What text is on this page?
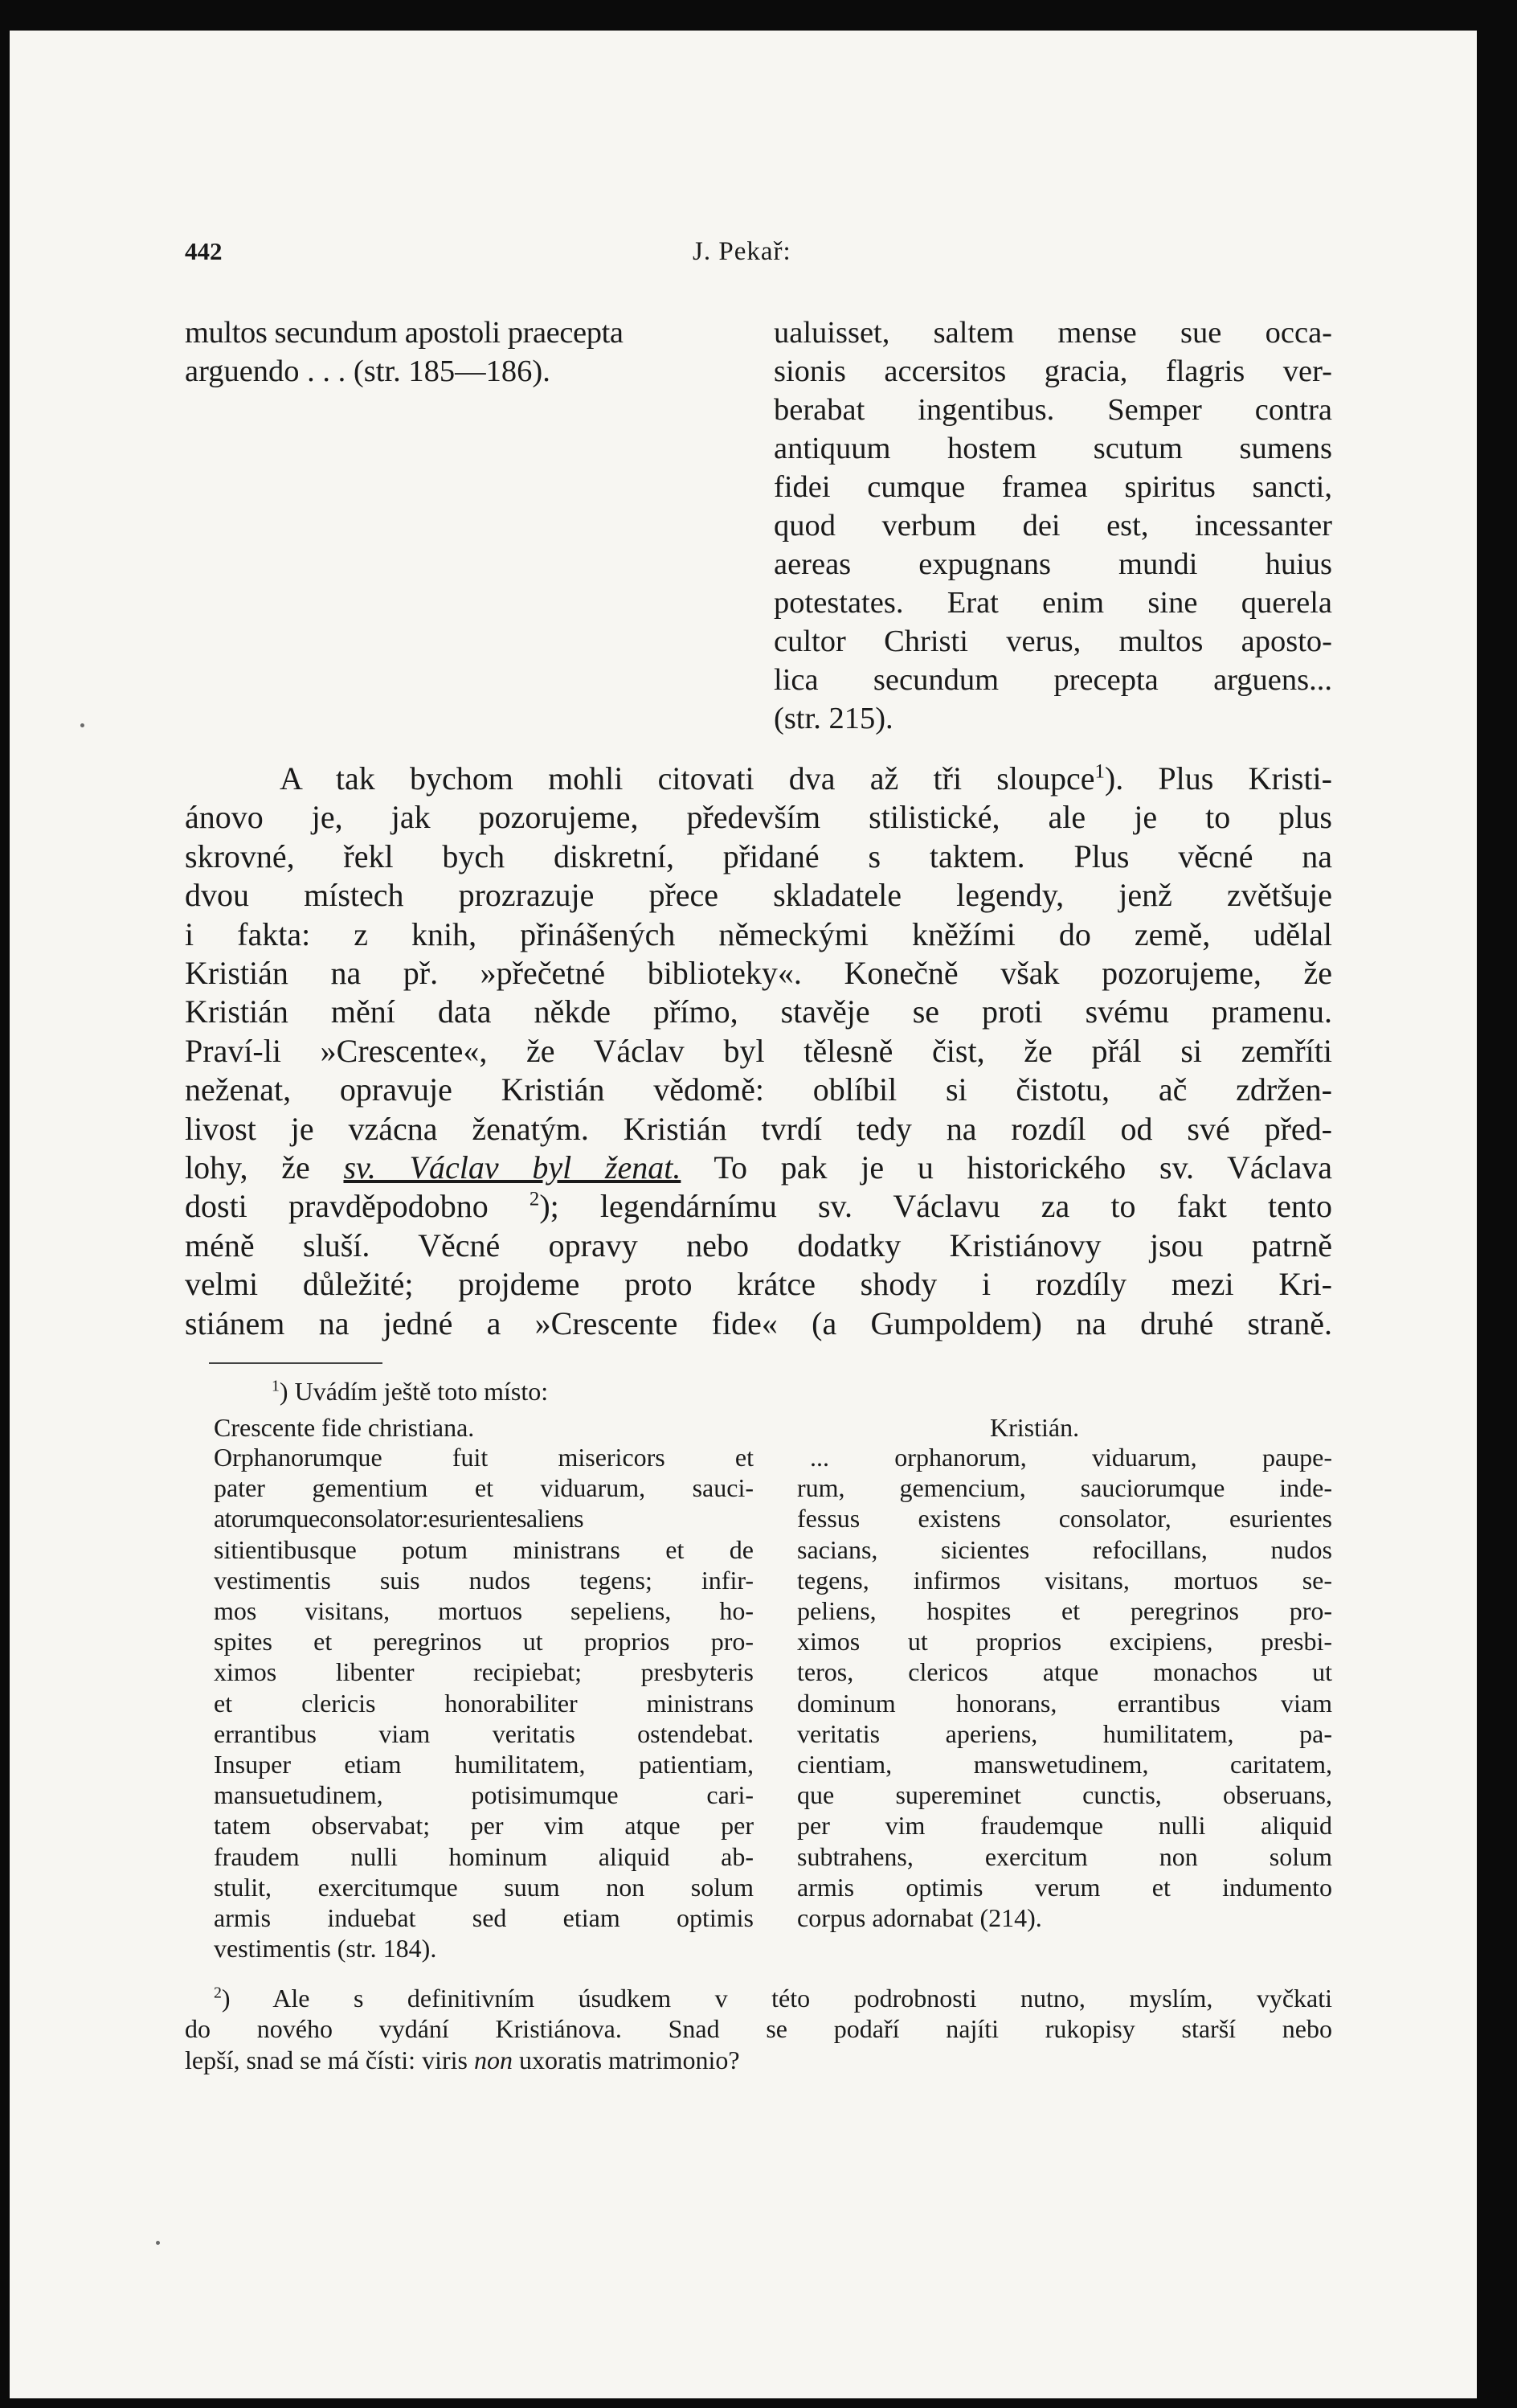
442	J. Pekař:
multos secundum apostoli praecepta
arguendo . . . (str. 185—186).
ualuisset, saltem mense sue occa-
sionis accersitos gracia, flagris ver-
berabat ingentibus. Semper contra
antiquum hostem scutum sumens
fidei cumque framea spiritus sancti,
quod verbum dei est, incessanter
aereas expugnans mundi huius
potestates. Erat enim sine querela
cultor Christi verus, multos aposto-
lica secundum precepta arguens...
(str. 215).
A tak bychom mohli citovati dva až tři sloupce$^1$). Plus Kristi-
ánovo je, jak pozorujeme, především stilistické, ale je to plus
skrovné, řekl bych diskretní, přidané s taktem. Plus věcné na
dvou místech prozrazuje přece skladatele legendy, jenž zvětšuje
i fakta: z knih, přinášených německými kněžími do země, udělal
Kristián na př. »přečetné biblioteky«. Konečně však pozorujeme, že
Kristián mění data někde přímo, stavěje se proti svému pramenu.
Praví-li »Crescente«, že Václav byl tělesně čist, že přál si zemříti
neženat, opravuje Kristián vědomě: oblíbil si čistotu, ač zdržen-
livost je vzácna ženatým. Kristián tvrdí tedy na rozdíl od své před-
lohy, že sv. Václav byl ženat. To pak je u historického sv. Václava
dosti pravděpodobno $^2$); legendárnímu sv. Václavu za to fakt tento
méně sluší. Věcné opravy nebo dodatky Kristiánovy jsou patrně
velmi důležité; projdeme proto krátce shody i rozdíly mezi Kri-
stiánem na jedné a »Crescente fide« (a Gumpoldem) na druhé straně.
$^1$) Uvádím ještě toto místo:
Crescente fide christiana.	Kristián.
Orphanorumque fuit misericors et
pater gementium et viduarum, sauci-
atorumqueconsolator:esurientesaliens
sitientibusque potum ministrans et de
vestimentis suis nudos tegens; infir-
mos visitans, mortuos sepeliens, ho-
spites et peregrinos ut proprios pro-
ximos libenter recipiebat; presbyteris
et clericis honorabiliter ministrans
errantibus viam veritatis ostendebat.
Insuper etiam humilitatem, patientiam,
mansuetudinem, potisimumque cari-
tatem observabat; per vim atque per
fraudem nulli hominum aliquid ab-
stulit, exercitumque suum non solum
armis induebat sed etiam optimis
vestimentis (str. 184).
... orphanorum, viduarum, paupe-
rum, gemencium, sauciorumque inde-
fessus existens consolator, esurientes
sacians, sicientes refocillans, nudos
tegens, infirmos visitans, mortuos se-
peliens, hospites et peregrinos pro-
ximos ut proprios excipiens, presbi-
teros, clericos atque monachos ut
dominum honorans, errantibus viam
veritatis aperiens, humilitatem, pa-
cientiam, manswetudinem, caritatem,
que supereminet cunctis, obseruans,
per vim fraudemque nulli aliquid
subtrahens, exercitum non solum
armis optimis verum et indumento
corpus adornabat (214).
$^2$) Ale s definitivním úsudkem v této podrobnosti nutno, myslím, vyčkati
do nového vydání Kristiánova. Snad se podaří najíti rukopisy starší nebo
lepší, snad se má čísti: viris non uxoratis matrimonio?
